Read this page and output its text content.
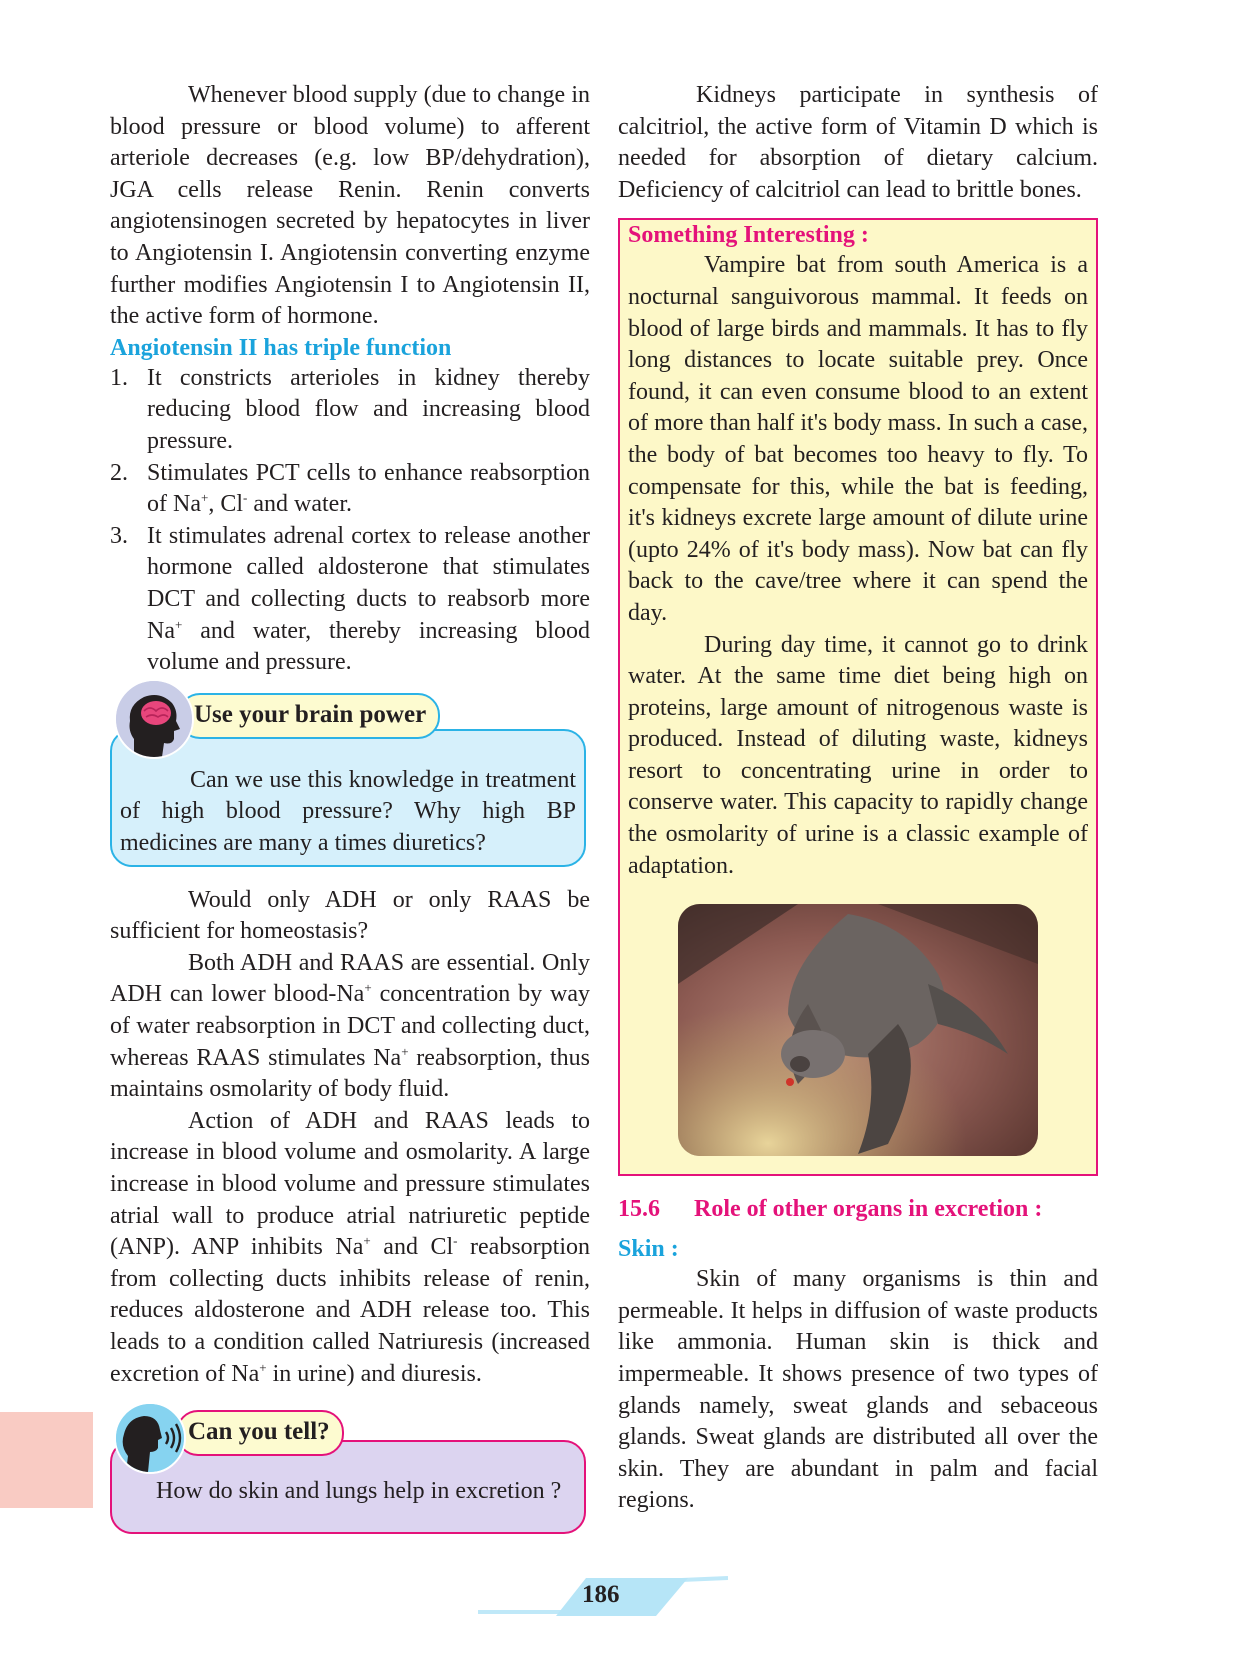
Whenever blood supply (due to change in blood pressure or blood volume) to afferent arteriole decreases (e.g. low BP/dehydration), JGA cells release Renin. Renin converts angiotensinogen secreted by hepatocytes in liver to Angiotensin I. Angiotensin converting enzyme further modifies Angiotensin I to Angiotensin II, the active form of hormone.

Angiotensin II has triple function
1. It constricts arterioles in kidney thereby reducing blood flow and increasing blood pressure.
2. Stimulates PCT cells to enhance reabsorption of Na+, Cl- and water.
3. It stimulates adrenal cortex to release another hormone called aldosterone that stimulates DCT and collecting ducts to reabsorb more Na+ and water, thereby increasing blood volume and pressure.
Use your brain power

Can we use this knowledge in treatment of high blood pressure? Why high BP medicines are many a times diuretics?

Would only ADH or only RAAS be sufficient for homeostasis?

Both ADH and RAAS are essential. Only ADH can lower blood-Na+ concentration by way of water reabsorption in DCT and collecting duct, whereas RAAS stimulates Na+ reabsorption, thus maintains osmolarity of body fluid.

Action of ADH and RAAS leads to increase in blood volume and osmolarity. A large increase in blood volume and pressure stimulates atrial wall to produce atrial natriuretic peptide (ANP). ANP inhibits Na+ and Cl- reabsorption from collecting ducts inhibits release of renin, reduces aldosterone and ADH release too. This leads to a condition called Natriuresis (increased excretion of Na+ in urine) and diuresis.

Can you tell?

How do skin and lungs help in excretion ?

Kidneys participate in synthesis of calcitriol, the active form of Vitamin D which is needed for absorption of dietary calcium. Deficiency of calcitriol can lead to brittle bones.

Something Interesting :

Vampire bat from south America is a nocturnal sanguivorous mammal. It feeds on blood of large birds and mammals. It has to fly long distances to locate suitable prey. Once found, it can even consume blood to an extent of more than half it's body mass. In such a case, the body of bat becomes too heavy to fly. To compensate for this, while the bat is feeding, it's kidneys excrete large amount of dilute urine (upto 24% of it's body mass). Now bat can fly back to the cave/tree where it can spend the day.

During day time, it cannot go to drink water. At the same time diet being high on proteins, large amount of nitrogenous waste is produced. Instead of diluting waste, kidneys resort to concentrating urine in order to conserve water. This capacity to rapidly change the osmolarity of urine is a classic example of adaptation.

15.6 Role of other organs in excretion :
Skin :

Skin of many organisms is thin and permeable. It helps in diffusion of waste products like ammonia. Human skin is thick and impermeable. It shows presence of two types of glands namely, sweat glands and sebaceous glands. Sweat glands are distributed all over the skin. They are abundant in palm and facial regions.

186
